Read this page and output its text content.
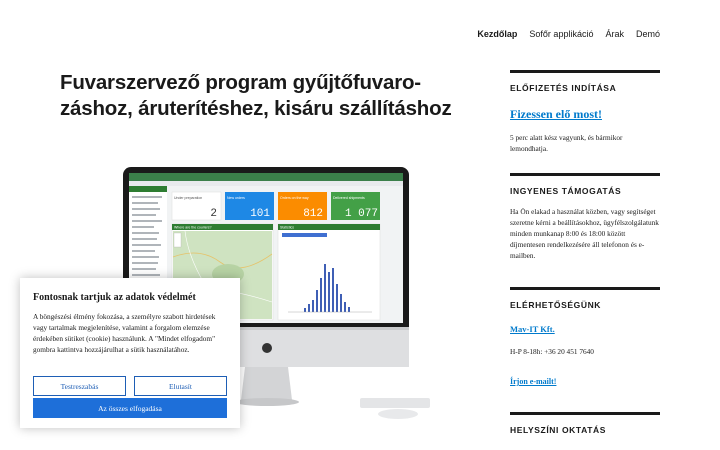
Kezdőlap Sofőr applikáció Árak Demó
Fuvarszervező program gyűjtőfuvaro-záshoz, áruterítéshez, kisáru szállításhoz
Under preparation	New orders	Orders on the way	Delivered shipments
2	101	812 1 077
Where are the couriers?	Statistics
ELŐFIZETÉS INDÍTÁSA
Fizessen elő most!

5 perc alatt kész vagyunk, és bármikor lemondhatja.

INGYENES TÁMOGATÁS

Ha Ön elakad a használat közben, vagy segítséget szeretne kérni a beállításokhoz, ügyfélszolgálatunk minden munkanap 8:00 és 18:00 között díjmentesen rendelkezésére áll telefonon és e-mailben.

ELÉRHETŐSÉGÜNK
Mav-IT Kft.

H-P 8-18h: +36 20 451 7640

Írjon e-mailt!
HELYSZÍNI OKTATÁS
Fontosnak tartjuk az adatok védelmét

A böngészési élmény fokozása, a személyre szabott hirdetések vagy tartalmak megjelenítése, valamint a forgalom elemzése érdekében sütiket (cookie) használunk. A "Mindet elfogadom" gombra kattintva hozzájárulhat a sütik használatához.

Testreszabás	Elutasít
Az összes elfogadása
